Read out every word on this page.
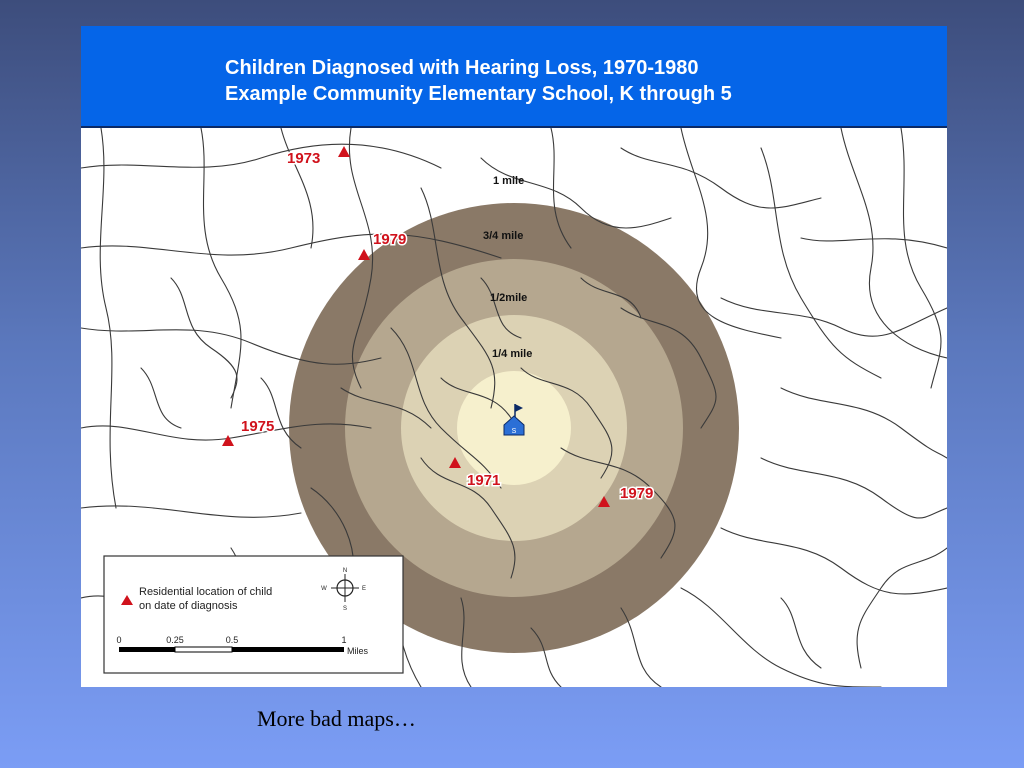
Children Diagnosed with Hearing Loss, 1970-1980
Example Community Elementary School, K through 5
1 mile
3/4 mile
1/2mile
1/4 mile
S
1973
1979
1975
1971
1979
Residential location of child
on date of diagnosis
N
E
S
W
0	0.25	0.5	1
Miles
More bad maps…
